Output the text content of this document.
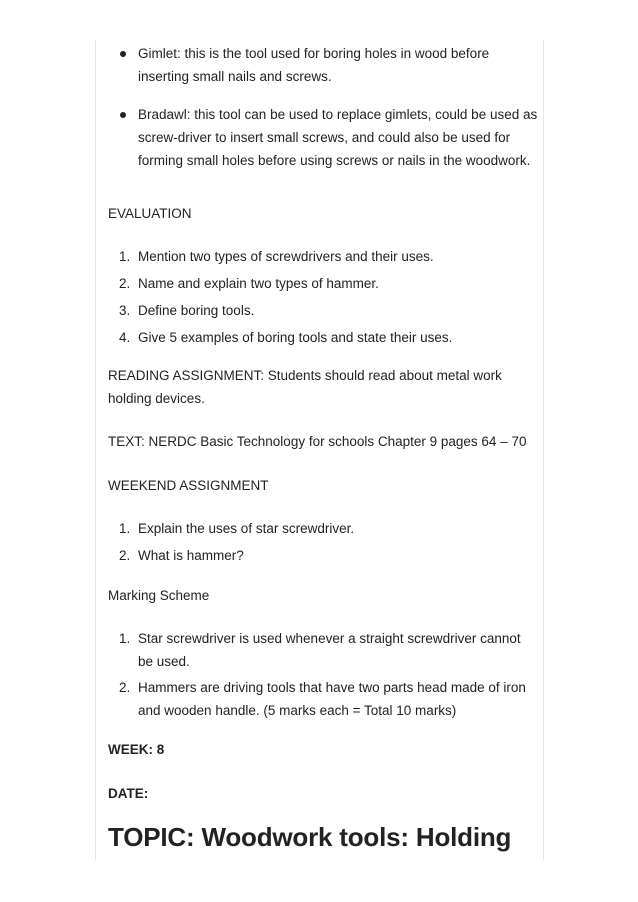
Gimlet: this is the tool used for boring holes in wood before inserting small nails and screws.
Bradawl: this tool can be used to replace gimlets, could be used as screw-driver to insert small screws, and could also be used for forming small holes before using screws or nails in the woodwork.

EVALUATION

1. Mention two types of screwdrivers and their uses.
2. Name and explain two types of hammer.
3. Define boring tools.
4. Give 5 examples of boring tools and state their uses.

READING ASSIGNMENT: Students should read about metal work holding devices.

TEXT: NERDC Basic Technology for schools Chapter 9 pages 64 – 70

WEEKEND ASSIGNMENT

1. Explain the uses of star screwdriver.
2. What is hammer?

Marking Scheme

1. Star screwdriver is used whenever a straight screwdriver cannot be used.
2. Hammers are driving tools that have two parts head made of iron and wooden handle. (5 marks each = Total 10 marks)

WEEK: 8

DATE:

TOPIC: Woodwork tools: Holding
